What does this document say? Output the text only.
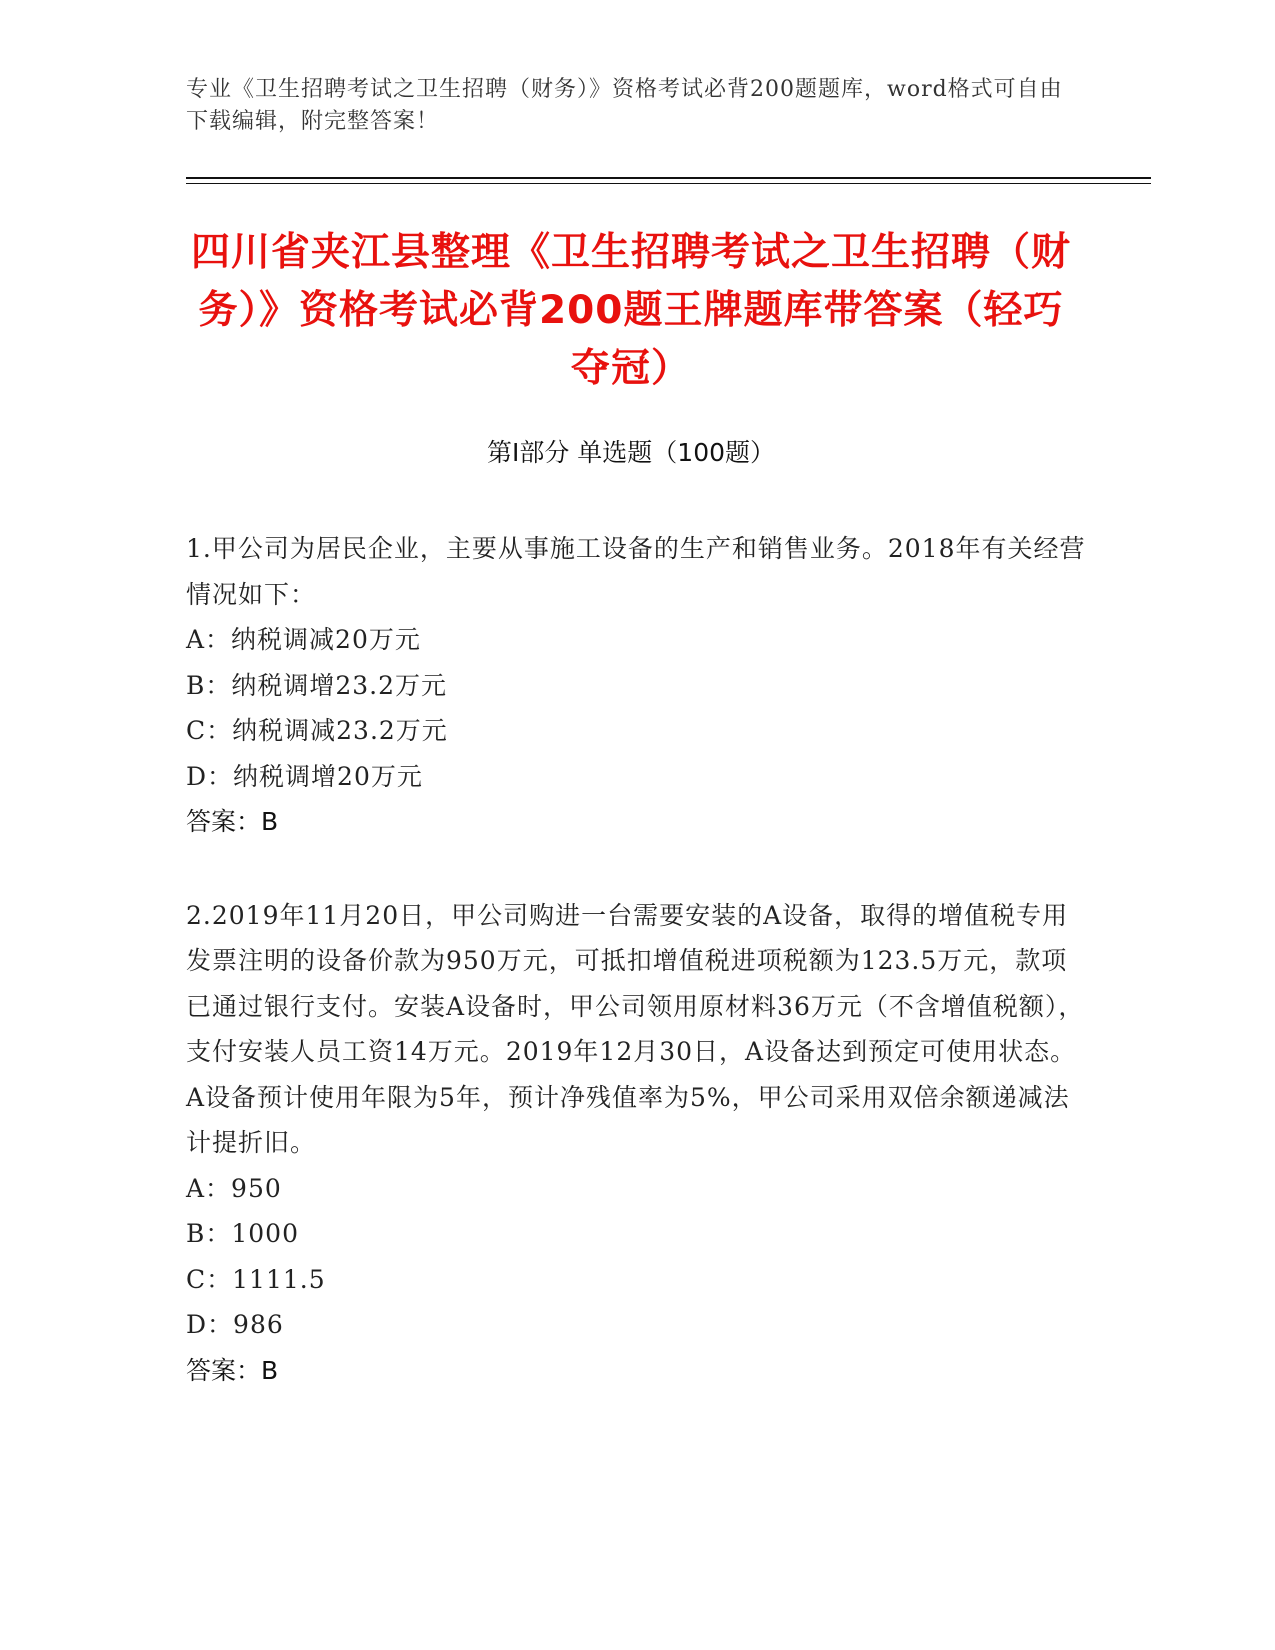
专业《卫生招聘考试之卫生招聘（财务）》资格考试必背200题题库，word格式可自由下载编辑，附完整答案！
四川省夹江县整理《卫生招聘考试之卫生招聘（财务）》资格考试必背200题王牌题库带答案（轻巧夺冠）
第Ⅰ部分 单选题（100题）

1.甲公司为居民企业，主要从事施工设备的生产和销售业务。2018年有关经营情况如下：

A：纳税调减20万元

B：纳税调增23.2万元

C：纳税调减23.2万元

D：纳税调增20万元

答案：B

2.2019年11月20日，甲公司购进一台需要安装的A设备，取得的增值税专用发票注明的设备价款为950万元，可抵扣增值税进项税额为123.5万元，款项已通过银行支付。安装A设备时，甲公司领用原材料36万元（不含增值税额），支付安装人员工资14万元。2019年12月30日，A设备达到预定可使用状态。A设备预计使用年限为5年，预计净残值率为5%，甲公司采用双倍余额递减法计提折旧。

A：950

B：1000

C：1111.5

D：986

答案：B
